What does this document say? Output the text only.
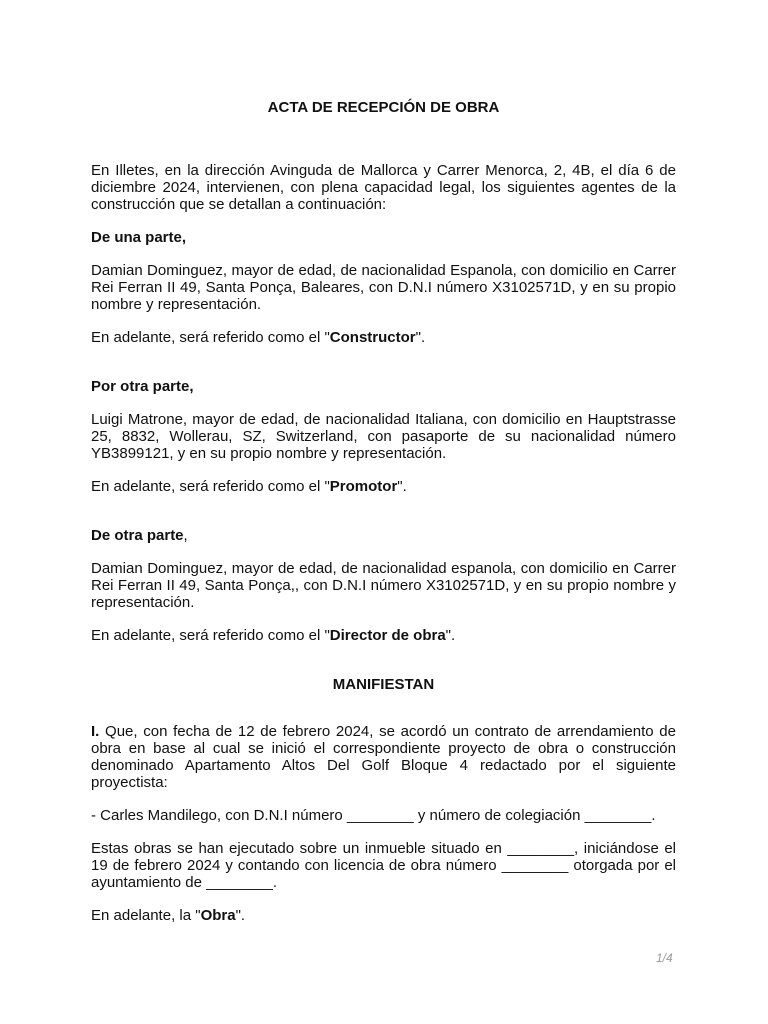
ACTA DE RECEPCIÓN DE OBRA

En Illetes, en la dirección Avinguda de Mallorca y Carrer Menorca, 2, 4B, el día 6 de diciembre 2024, intervienen, con plena capacidad legal, los siguientes agentes de la construcción que se detallan a continuación:

De una parte,

Damian Dominguez, mayor de edad, de nacionalidad Espanola, con domicilio en Carrer Rei Ferran II 49, Santa Ponça, Baleares, con D.N.I número X3102571D, y en su propio nombre y representación.

En adelante, será referido como el "Constructor".

Por otra parte,

Luigi Matrone, mayor de edad, de nacionalidad Italiana, con domicilio en Hauptstrasse 25, 8832, Wollerau, SZ, Switzerland, con pasaporte de su nacionalidad número YB3899121, y en su propio nombre y representación.

En adelante, será referido como el "Promotor".

De otra parte,

Damian Dominguez, mayor de edad, de nacionalidad espanola, con domicilio en Carrer Rei Ferran II 49, Santa Ponça,, con D.N.I número X3102571D, y en su propio nombre y representación.

En adelante, será referido como el "Director de obra".

MANIFIESTAN

I. Que, con fecha de 12 de febrero 2024, se acordó un contrato de arrendamiento de obra en base al cual se inició el correspondiente proyecto de obra o construcción denominado Apartamento Altos Del Golf Bloque 4 redactado por el siguiente proyectista:

- Carles Mandilego, con D.N.I número ________ y número de colegiación ________.

Estas obras se han ejecutado sobre un inmueble situado en ________, iniciándose el 19 de febrero 2024 y contando con licencia de obra número ________ otorgada por el ayuntamiento de ________.

En adelante, la "Obra".

1/4
